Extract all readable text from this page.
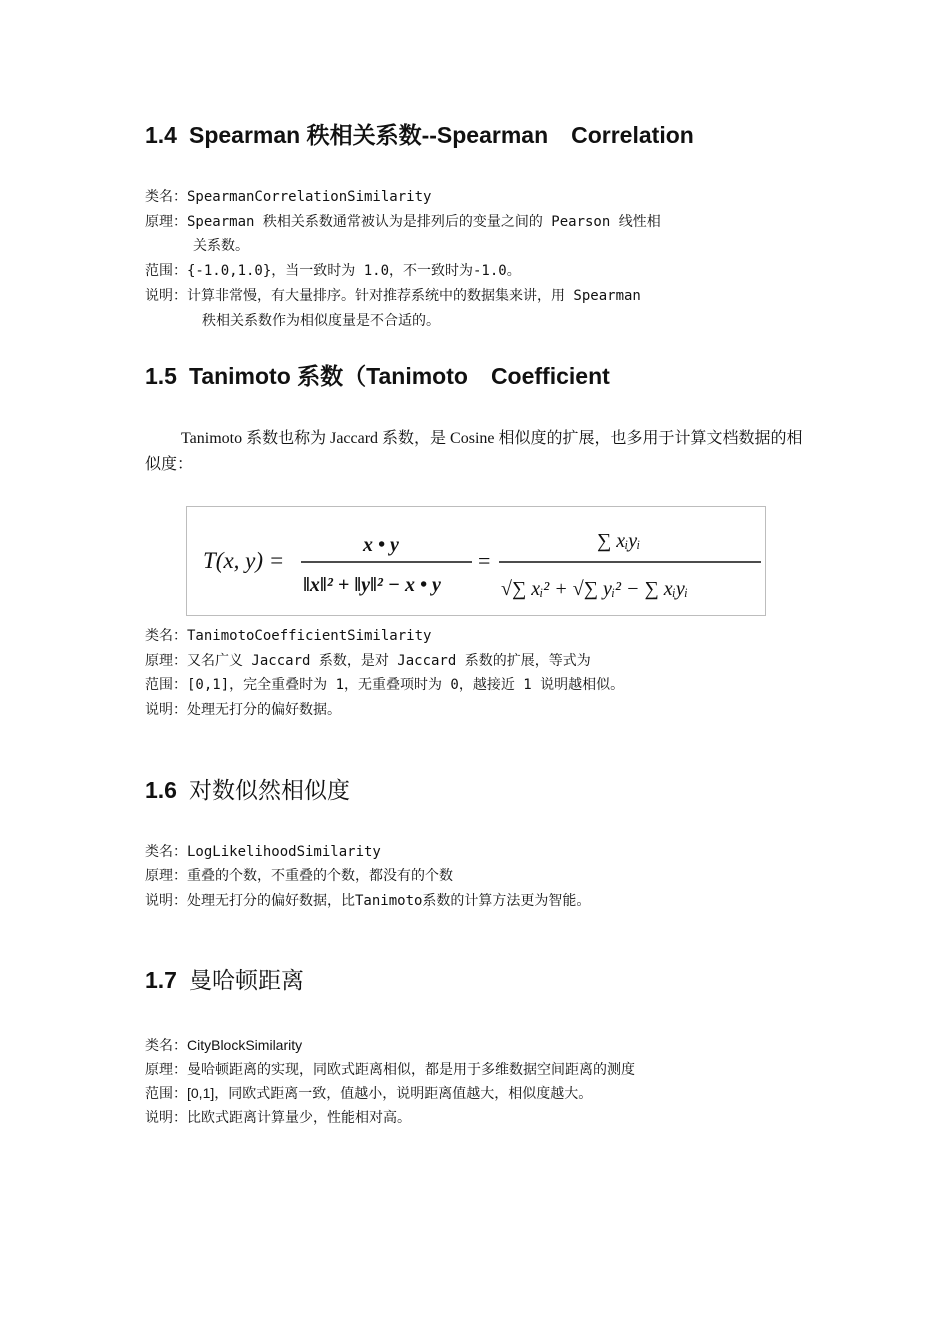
1.4 Spearman 秩相关系数--Spearman　Correlation
类名：SpearmanCorrelationSimilarity
原理：Spearman 秩相关系数通常被认为是排列后的变量之间的 Pearson 线性相
关系数。
范围：{-1.0,1.0}，当一致时为 1.0，不一致时为-1.0。
说明：计算非常慢，有大量排序。针对推荐系统中的数据集来讲，用 Spearman
秩相关系数作为相似度量是不合适的。
1.5 Tanimoto 系数（Tanimoto　Coefficient
Tanimoto 系数也称为 Jaccard 系数，是 Cosine 相似度的扩展，也多用于计算文档数据的相似度：
T(x, y) =
x • y
‖x‖² + ‖y‖² − x • y
=
∑ xᵢyᵢ
√∑ xᵢ² + √∑ yᵢ² − ∑ xᵢyᵢ
类名：TanimotoCoefficientSimilarity
原理：又名广义 Jaccard 系数，是对 Jaccard 系数的扩展，等式为
范围：[0,1]，完全重叠时为 1，无重叠项时为 0，越接近 1 说明越相似。
说明：处理无打分的偏好数据。
1.6 对数似然相似度
类名：LogLikelihoodSimilarity
原理：重叠的个数，不重叠的个数，都没有的个数
说明：处理无打分的偏好数据，比Tanimoto系数的计算方法更为智能。
1.7 曼哈顿距离
类名：CityBlockSimilarity
原理：曼哈顿距离的实现，同欧式距离相似，都是用于多维数据空间距离的测度
范围：[0,1]，同欧式距离一致，值越小，说明距离值越大，相似度越大。
说明：比欧式距离计算量少，性能相对高。
